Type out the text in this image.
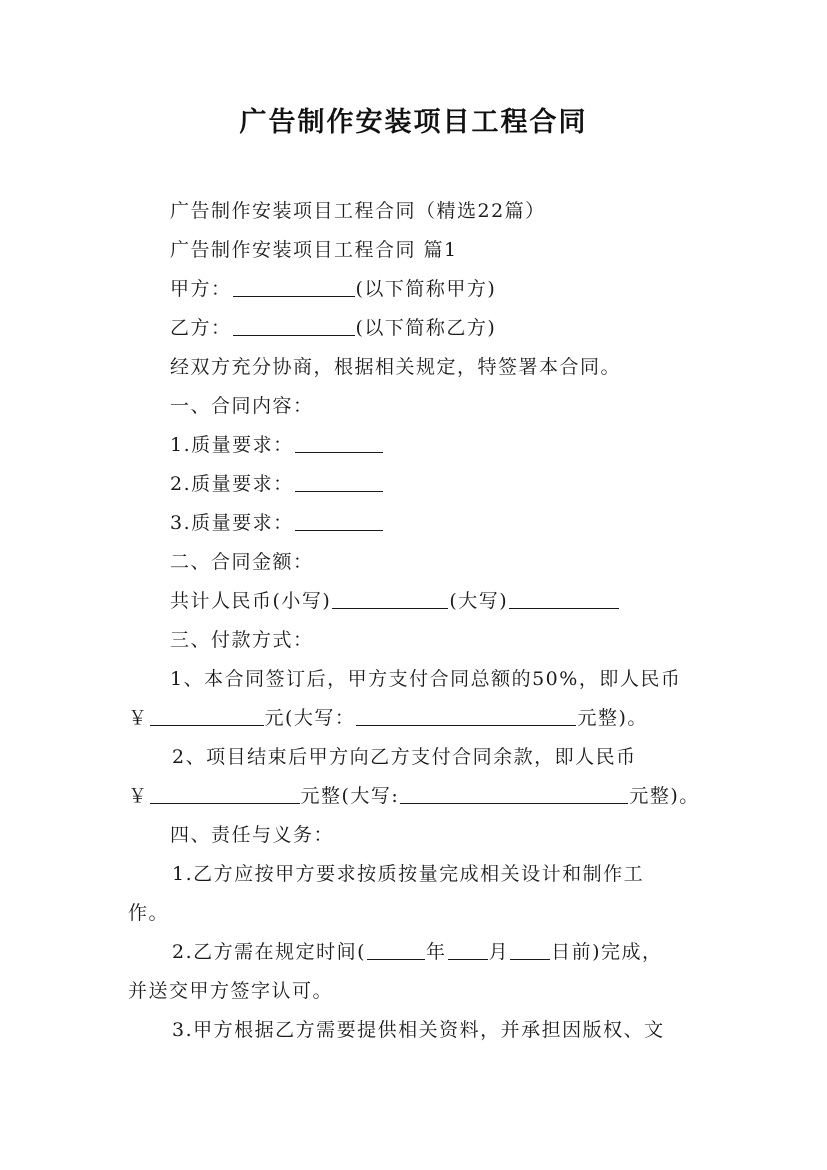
广告制作安装项目工程合同
广告制作安装项目工程合同（精选22篇）
广告制作安装项目工程合同 篇1
甲方：	(以下简称甲方)
乙方：	(以下简称乙方)
经双方充分协商，根据相关规定，特签署本合同。
一、合同内容：
1.质量要求：
2.质量要求：
3.质量要求：
二、合同金额：
共计人民币(小写)	(大写)
三、付款方式：
1、本合同签订后，甲方支付合同总额的50%，即人民币
￥	元(大写：	元整)。
2、项目结束后甲方向乙方支付合同余款，即人民币
￥	元整(大写:	元整)。
四、责任与义务：
1.乙方应按甲方要求按质按量完成相关设计和制作工
作。
2.乙方需在规定时间(	年 月 日前)完成，
并送交甲方签字认可。
3.甲方根据乙方需要提供相关资料，并承担因版权、文
